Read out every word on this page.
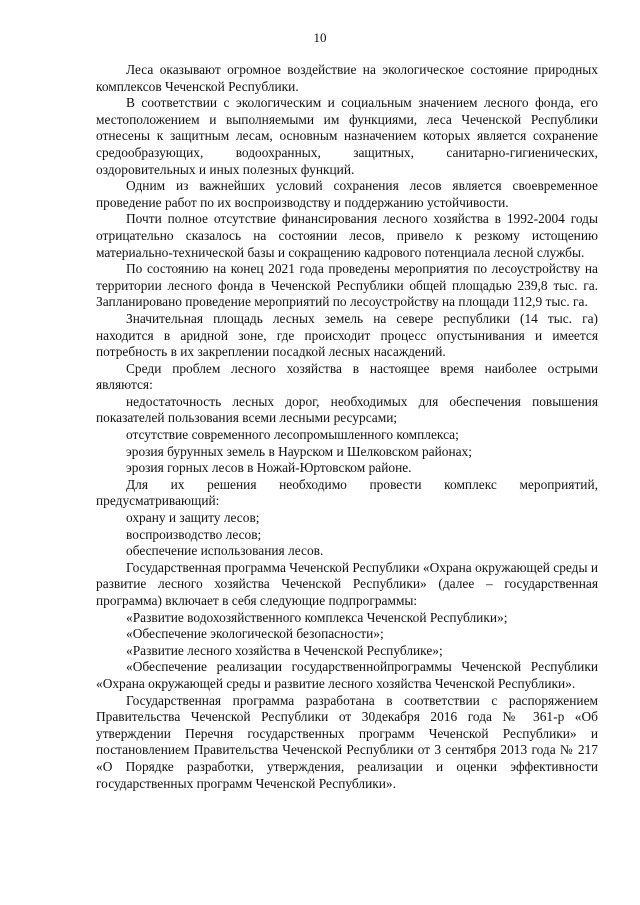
10

Леса оказывают огромное воздействие на экологическое состояние природных комплексов Чеченской Республики.

В соответствии с экологическим и социальным значением лесного фонда, его местоположением и выполняемыми им функциями, леса Чеченской Республики отнесены к защитным лесам, основным назначением которых является сохранение средообразующих, водоохранных, защитных, санитарно-гигиенических, оздоровительных и иных полезных функций.

Одним из важнейших условий сохранения лесов является своевременное проведение работ по их воспроизводству и поддержанию устойчивости.

Почти полное отсутствие финансирования лесного хозяйства в 1992-2004 годы отрицательно сказалось на состоянии лесов, привело к резкому истощению материально-технической базы и сокращению кадрового потенциала лесной службы.

По состоянию на конец 2021 года проведены мероприятия по лесоустройству на территории лесного фонда в Чеченской Республики общей площадью 239,8 тыс. га. Запланировано проведение мероприятий по лесоустройству на площади 112,9 тыс. га.

Значительная площадь лесных земель на севере республики (14 тыс. га) находится в аридной зоне, где происходит процесс опустынивания и имеется потребность в их закреплении посадкой лесных насаждений.

Среди проблем лесного хозяйства в настоящее время наиболее острыми являются:

недостаточность лесных дорог, необходимых для обеспечения повышения показателей пользования всеми лесными ресурсами;

отсутствие современного лесопромышленного комплекса;

эрозия бурунных земель в Наурском и Шелковском районах;

эрозия горных лесов в Ножай-Юртовском районе.

Для их решения необходимо провести комплекс мероприятий, предусматривающий:

охрану и защиту лесов;

воспроизводство лесов;

обеспечение использования лесов.

Государственная программа Чеченской Республики «Охрана окружающей среды и развитие лесного хозяйства Чеченской Республики» (далее – государственная программа) включает в себя следующие подпрограммы:

«Развитие водохозяйственного комплекса Чеченской Республики»;

«Обеспечение экологической безопасности»;

«Развитие лесного хозяйства в Чеченской Республике»;

«Обеспечение реализации государственнойпрограммы Чеченской Республики «Охрана окружающей среды и развитие лесного хозяйства Чеченской Республики».

Государственная программа разработана в соответствии с распоряжением Правительства Чеченской Республики от 30декабря 2016 года № 361-р «Об утверждении Перечня государственных программ Чеченской Республики» и постановлением Правительства Чеченской Республики от 3 сентября 2013 года № 217 «О Порядке разработки, утверждения, реализации и оценки эффективности государственных программ Чеченской Республики».
